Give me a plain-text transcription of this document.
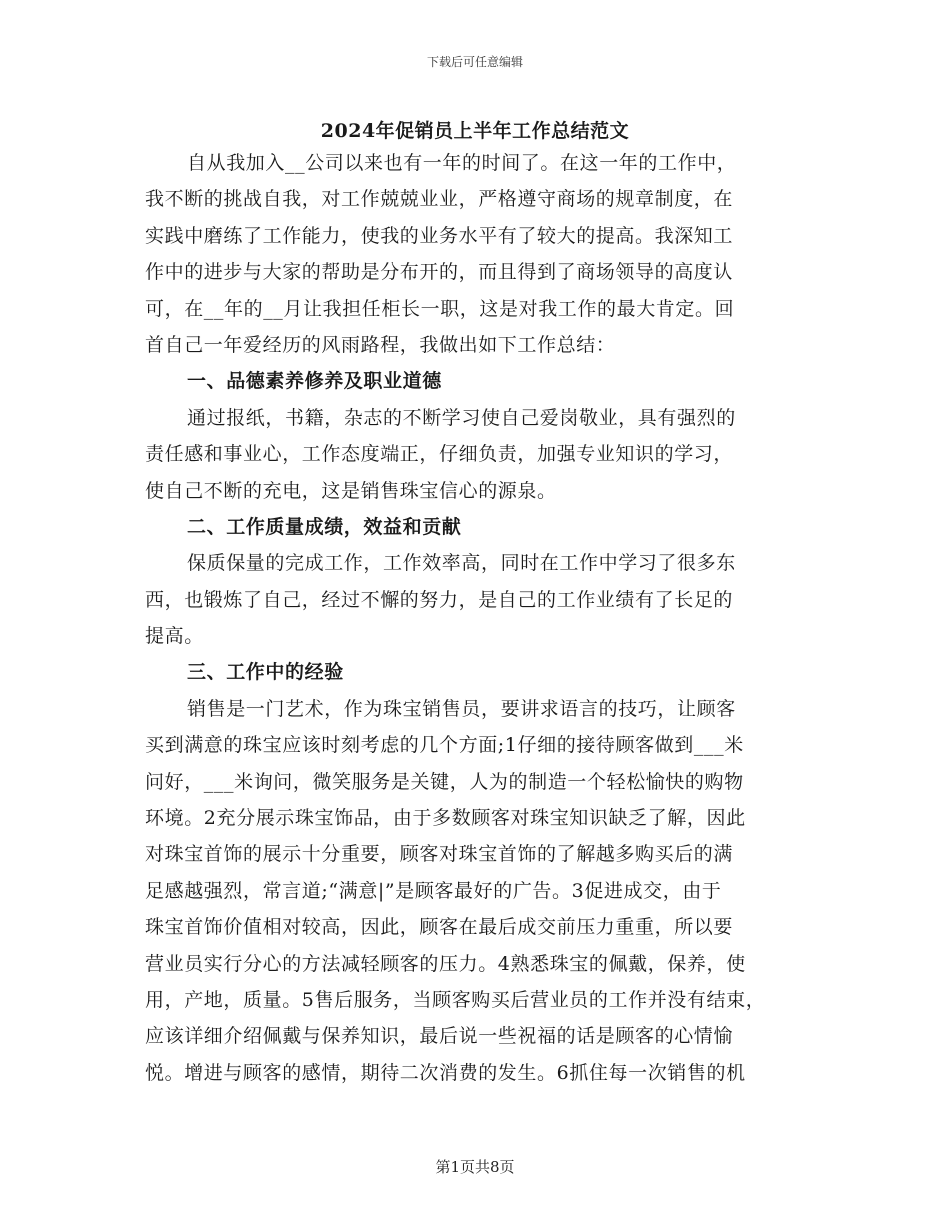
下载后可任意编辑
2024年促销员上半年工作总结范文
自从我加入__公司以来也有一年的时间了。在这一年的工作中，
我不断的挑战自我，对工作兢兢业业，严格遵守商场的规章制度，在
实践中磨练了工作能力，使我的业务水平有了较大的提高。我深知工
作中的进步与大家的帮助是分布开的，而且得到了商场领导的高度认
可，在__年的__月让我担任柜长一职，这是对我工作的最大肯定。回
首自己一年爱经历的风雨路程，我做出如下工作总结：
一、品德素养修养及职业道德
通过报纸，书籍，杂志的不断学习使自己爱岗敬业，具有强烈的
责任感和事业心，工作态度端正，仔细负责，加强专业知识的学习，
使自己不断的充电，这是销售珠宝信心的源泉。
二、工作质量成绩，效益和贡献
保质保量的完成工作，工作效率高，同时在工作中学习了很多东
西，也锻炼了自己，经过不懈的努力，是自己的工作业绩有了长足的
提高。
三、工作中的经验
销售是一门艺术，作为珠宝销售员，要讲求语言的技巧，让顾客
买到满意的珠宝应该时刻考虑的几个方面;1仔细的接待顾客做到___米
问好，___米询问，微笑服务是关键，人为的制造一个轻松愉快的购物
环境。2充分展示珠宝饰品，由于多数顾客对珠宝知识缺乏了解，因此
对珠宝首饰的展示十分重要，顾客对珠宝首饰的了解越多购买后的满
足感越强烈，常言道;“满意|”是顾客最好的广告。3促进成交，由于
珠宝首饰价值相对较高，因此，顾客在最后成交前压力重重，所以要
营业员实行分心的方法减轻顾客的压力。4熟悉珠宝的佩戴，保养，使
用，产地，质量。5售后服务，当顾客购买后营业员的工作并没有结束，
应该详细介绍佩戴与保养知识，最后说一些祝福的话是顾客的心情愉
悦。增进与顾客的感情，期待二次消费的发生。6抓住每一次销售的机
第1页共8页
